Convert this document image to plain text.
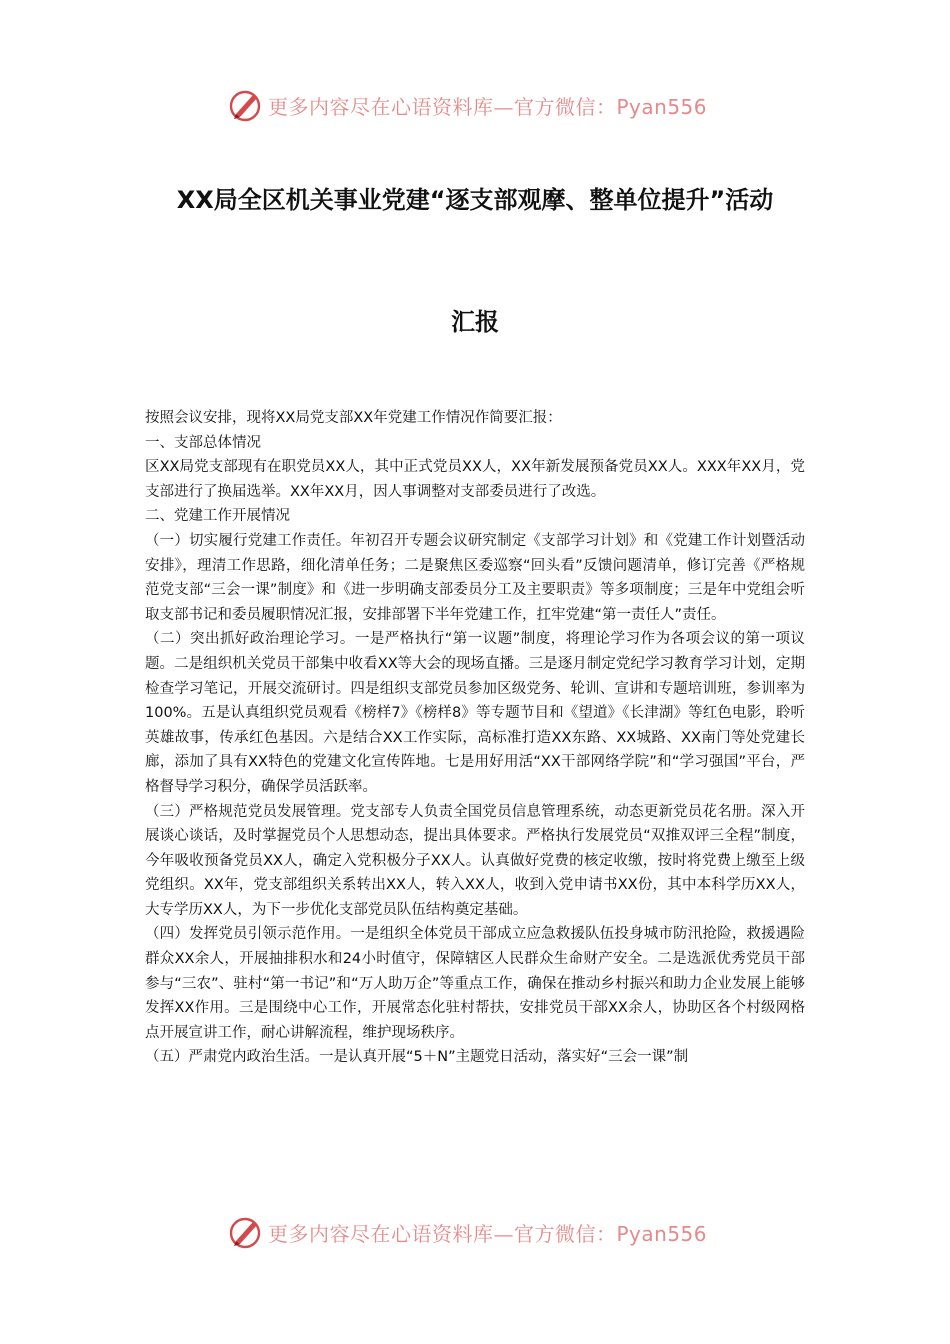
更多内容尽在心语资料库—官方微信：Pyan556
XX局全区机关事业党建“逐支部观摩、整单位提升”活动
汇报

按照会议安排，现将XX局党支部XX年党建工作情况作简要汇报：

一、支部总体情况

区XX局党支部现有在职党员XX人，其中正式党员XX人，XX年新发展预备党员XX人。XXX年XX月，党支部进行了换届选举。XX年XX月，因人事调整对支部委员进行了改选。

二、党建工作开展情况

（一）切实履行党建工作责任。年初召开专题会议研究制定《支部学习计划》和《党建工作计划暨活动安排》，理清工作思路，细化清单任务；二是聚焦区委巡察“回头看”反馈问题清单，修订完善《严格规范党支部“三会一课”制度》和《进一步明确支部委员分工及主要职责》等多项制度；三是年中党组会听取支部书记和委员履职情况汇报，安排部署下半年党建工作，扛牢党建“第一责任人”责任。

（二）突出抓好政治理论学习。一是严格执行“第一议题”制度，将理论学习作为各项会议的第一项议题。二是组织机关党员干部集中收看XX等大会的现场直播。三是逐月制定党纪学习教育学习计划，定期检查学习笔记，开展交流研讨。四是组织支部党员参加区级党务、轮训、宣讲和专题培训班，参训率为100%。五是认真组织党员观看《榜样7》《榜样8》等专题节目和《望道》《长津湖》等红色电影，聆听英雄故事，传承红色基因。六是结合XX工作实际，高标准打造XX东路、XX城路、XX南门等处党建长廊，添加了具有XX特色的党建文化宣传阵地。七是用好用活“XX干部网络学院”和“学习强国”平台，严格督导学习积分，确保学员活跃率。

（三）严格规范党员发展管理。党支部专人负责全国党员信息管理系统，动态更新党员花名册。深入开展谈心谈话，及时掌握党员个人思想动态，提出具体要求。严格执行发展党员“双推双评三全程”制度，今年吸收预备党员XX人，确定入党积极分子XX人。认真做好党费的核定收缴，按时将党费上缴至上级党组织。XX年，党支部组织关系转出XX人，转入XX人，收到入党申请书XX份，其中本科学历XX人，大专学历XX人，为下一步优化支部党员队伍结构奠定基础。

（四）发挥党员引领示范作用。一是组织全体党员干部成立应急救援队伍投身城市防汛抢险，救援遇险群众XX余人，开展抽排积水和24小时值守，保障辖区人民群众生命财产安全。二是选派优秀党员干部参与“三农”、驻村“第一书记”和“万人助万企”等重点工作，确保在推动乡村振兴和助力企业发展上能够发挥XX作用。三是围绕中心工作，开展常态化驻村帮扶，安排党员干部XX余人，协助区各个村级网格点开展宣讲工作，耐心讲解流程，维护现场秩序。

（五）严肃党内政治生活。一是认真开展“5＋N”主题党日活动，落实好“三会一课”制

更多内容尽在心语资料库—官方微信：Pyan556
